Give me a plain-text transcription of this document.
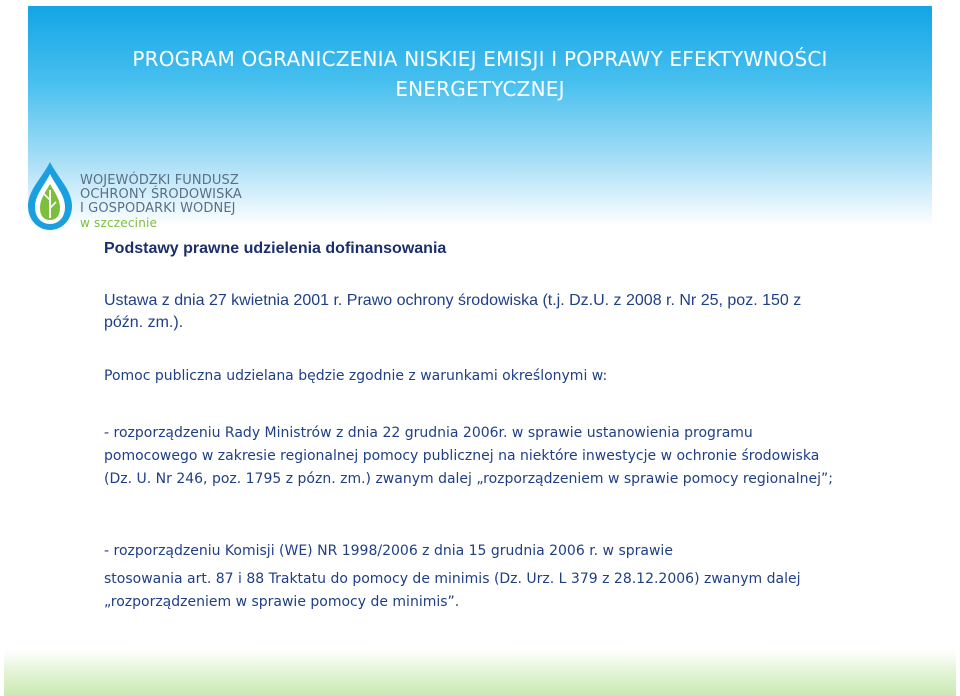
PROGRAM OGRANICZENIA NISKIEJ EMISJI I POPRAWY EFEKTYWNOŚCI
ENERGETYCZNEJ
WOJEWÓDZKI FUNDUSZ
OCHRONY ŚRODOWISKA
I GOSPODARKI WODNEJ
w szczecinie
Podstawy prawne udzielenia dofinansowania
Ustawa z dnia 27 kwietnia 2001 r. Prawo ochrony środowiska (t.j. Dz.U. z 2008 r. Nr 25, poz. 150 z późn. zm.).
Pomoc publiczna udzielana będzie zgodnie z warunkami określonymi w:
- rozporządzeniu Rady Ministrów z dnia 22 grudnia 2006r. w sprawie ustanowienia programu pomocowego w zakresie regionalnej pomocy publicznej na niektóre inwestycje w ochronie środowiska (Dz. U. Nr 246, poz. 1795 z pózn. zm.) zwanym dalej „rozporządzeniem w sprawie pomocy regionalnej”;
- rozporządzeniu Komisji (WE) NR 1998/2006 z dnia 15 grudnia 2006 r. w sprawie
stosowania art. 87 i 88 Traktatu do pomocy de minimis (Dz. Urz. L 379 z 28.12.2006) zwanym dalej „rozporządzeniem w sprawie pomocy de minimis”.
